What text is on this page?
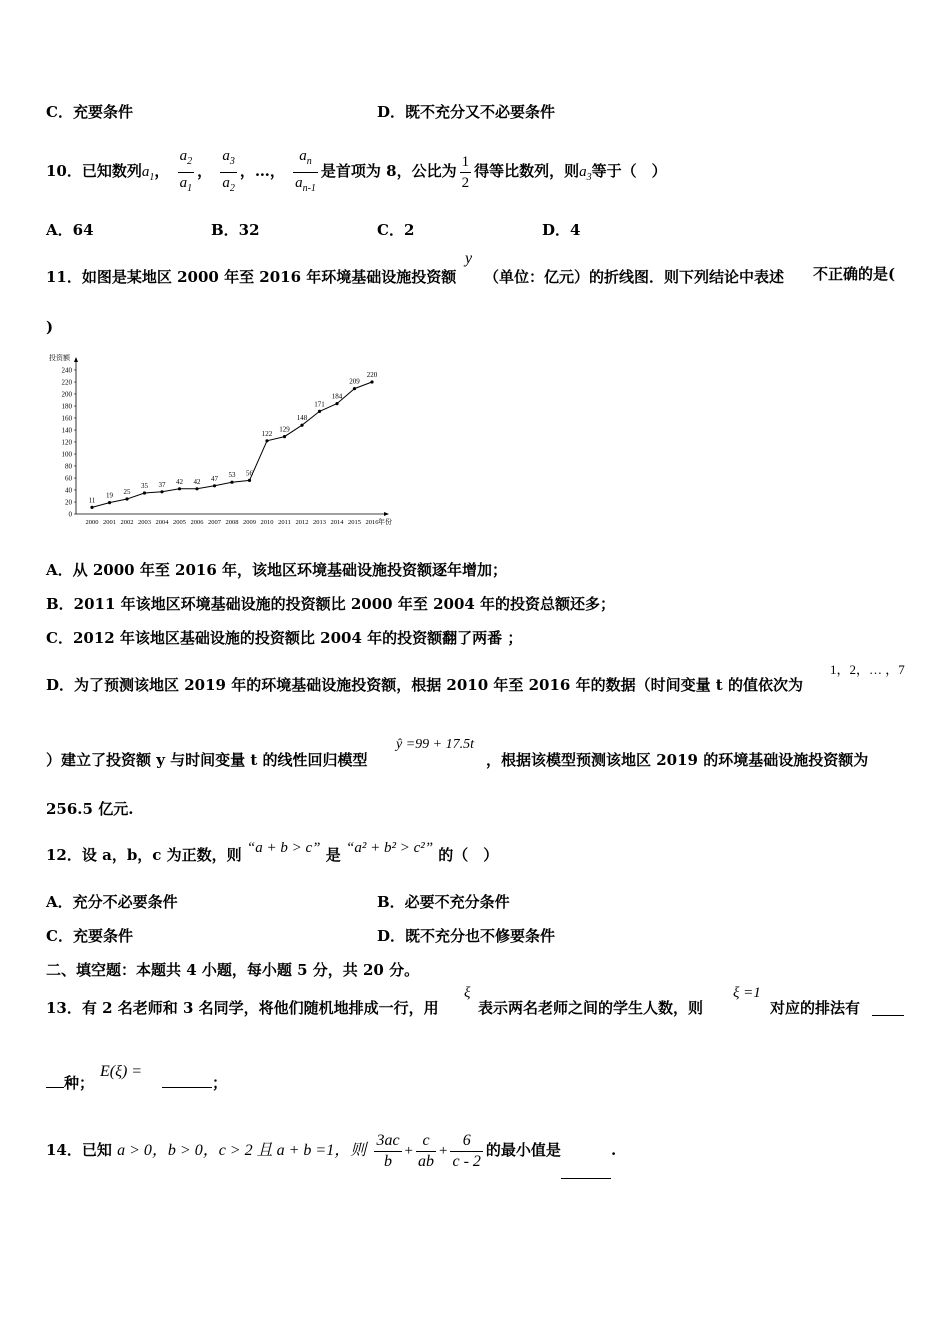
C．充要条件	D．既不充分又不必要条件
10．已知数列$a_1$， $\frac{a_2}{a_1}$ ， $\frac{a_3}{a_2}$ ，…， $\frac{a_n}{a_{n-1}}$ 是首项为 8，公比为 $\frac{1}{2}$ 得等比数列，则$a_3$等于（　）
A．64	B．32	C．2	D．4
11．如图是某地区 2000 年至 2016 年环境基础设施投资额
y
（单位：亿元）的折线图．则下列结论中表述 不正确的是(
)
投资额
年份
0
20
40
60
80
100
120
140
160
180
200
220
240
2000 2001 2002 2003 2004 2005 2006 2007 2008 2009 2010 2011 2012 2013 2014 2015 2016
11
19 25
35 37 42 42 47 53 56
122
129
148
171
184
209
220
A．从 2000 年至 2016 年，该地区环境基础设施投资额逐年增加；
B．2011 年该地区环境基础设施的投资额比 2000 年至 2004 年的投资总额还多；
C．2012 年该地区基础设施的投资额比 2004 年的投资额翻了两番 ；
D．为了预测该地区 2019 年的环境基础设施投资额，根据 2010 年至 2016 年的数据（时间变量 t 的值依次为
1，2，… ，7
）建立了投资额 y 与时间变量 t 的线性回归模型
ŷ =99 + 17.5t
，根据该模型预测该地区 2019 的环境基础设施投资额为
256.5 亿元.
12．设 a，b，c 为正数，则 “a + b > c” 是 “a² + b² > c²” 的（　）
A．充分不必要条件	B．必要不充分条件
C．充要条件	D．既不充分也不修要条件
二、填空题：本题共 4 小题，每小题 5 分，共 20 分。
13．有 2 名老师和 3 名同学，将他们随机地排成一行，用
ξ
表示两名老师之间的学生人数，则
ξ =1
对应的排法有
种；
E(ξ) =
；
14．已知 a > 0，b > 0，c > 2 且 a + b =1，则 $\frac{3ac}{b} + \frac{c}{ab} + \frac{6}{c - 2}$ 的最小值是	.
